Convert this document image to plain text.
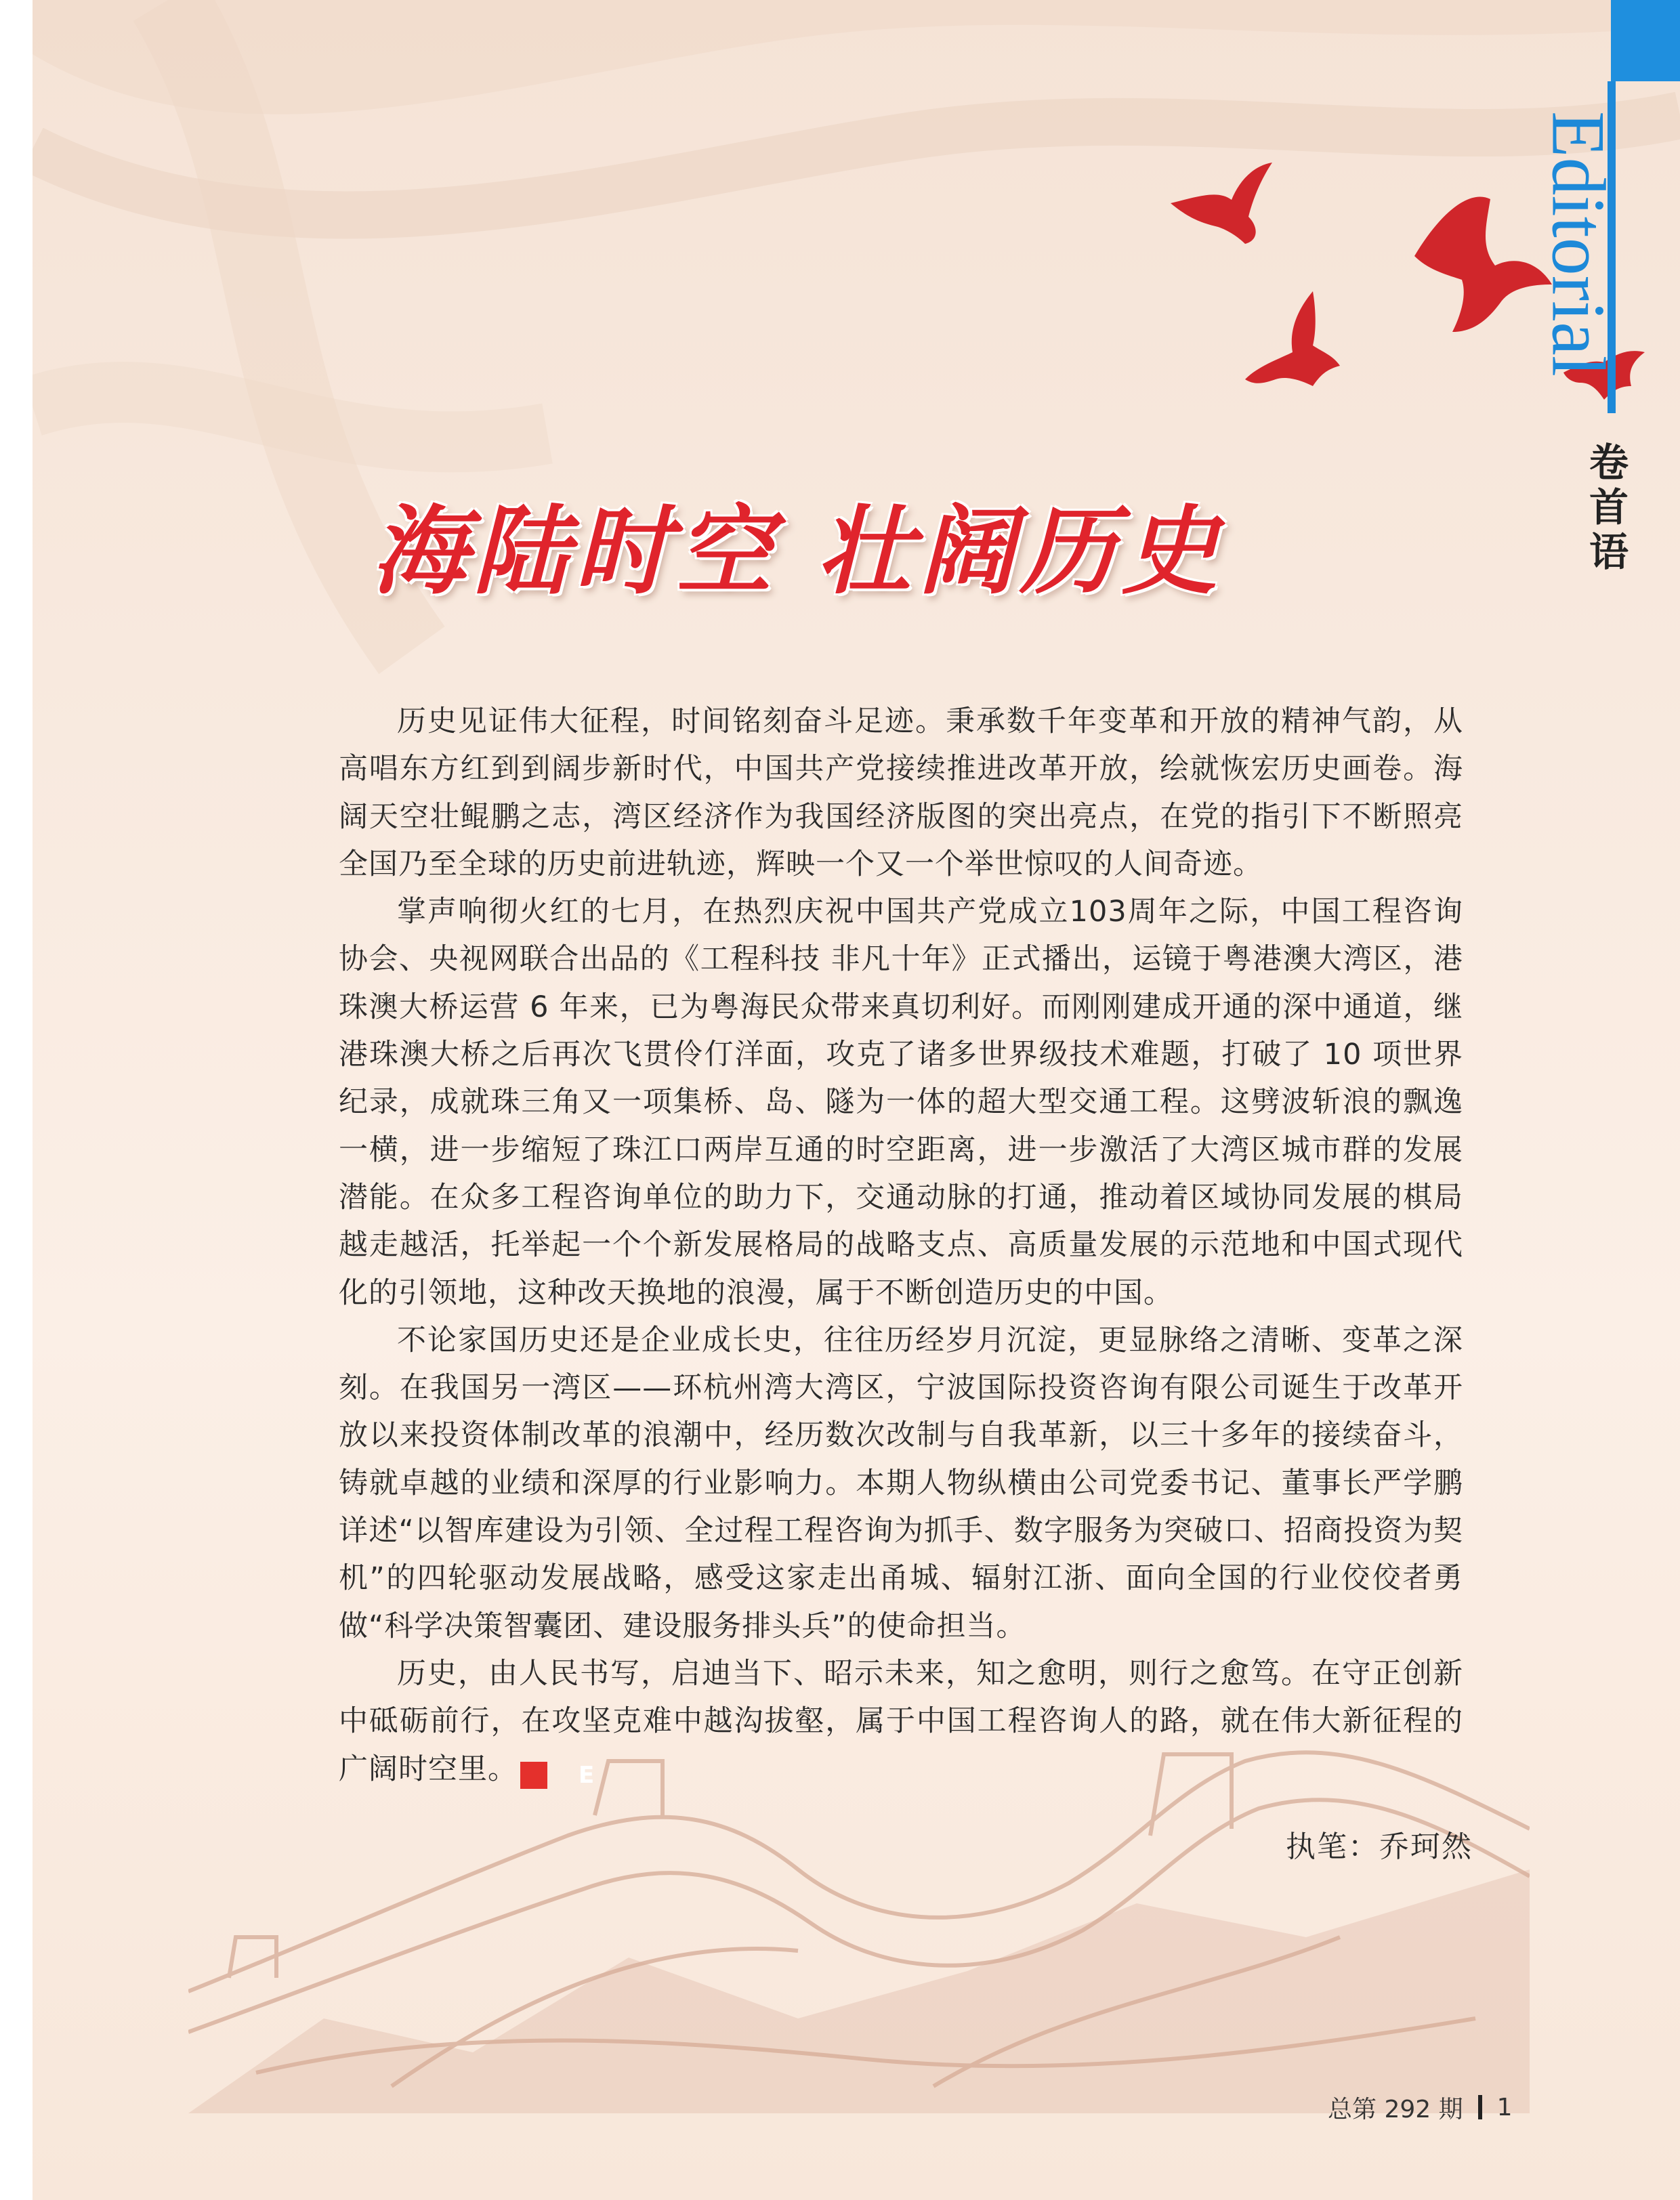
海陆时空 壮阔历史

历史见证伟大征程，时间铭刻奋斗足迹。秉承数千年变革和开放的精神气韵，从高唱东方红到到阔步新时代，中国共产党接续推进改革开放，绘就恢宏历史画卷。海阔天空壮鲲鹏之志，湾区经济作为我国经济版图的突出亮点，在党的指引下不断照亮全国乃至全球的历史前进轨迹，辉映一个又一个举世惊叹的人间奇迹。

掌声响彻火红的七月，在热烈庆祝中国共产党成立103周年之际，中国工程咨询协会、央视网联合出品的《工程科技 非凡十年》正式播出，运镜于粤港澳大湾区，港珠澳大桥运营 6 年来，已为粤海民众带来真切利好。而刚刚建成开通的深中通道，继港珠澳大桥之后再次飞贯伶仃洋面，攻克了诸多世界级技术难题，打破了 10 项世界纪录，成就珠三角又一项集桥、岛、隧为一体的超大型交通工程。这劈波斩浪的飘逸一横，进一步缩短了珠江口两岸互通的时空距离，进一步激活了大湾区城市群的发展潜能。在众多工程咨询单位的助力下，交通动脉的打通，推动着区域协同发展的棋局越走越活，托举起一个个新发展格局的战略支点、高质量发展的示范地和中国式现代化的引领地，这种改天换地的浪漫，属于不断创造历史的中国。

不论家国历史还是企业成长史，往往历经岁月沉淀，更显脉络之清晰、变革之深刻。在我国另一湾区——环杭州湾大湾区，宁波国际投资咨询有限公司诞生于改革开放以来投资体制改革的浪潮中，经历数次改制与自我革新，以三十多年的接续奋斗，铸就卓越的业绩和深厚的行业影响力。本期人物纵横由公司党委书记、董事长严学鹏详述“以智库建设为引领、全过程工程咨询为抓手、数字服务为突破口、招商投资为契机”的四轮驱动发展战略，感受这家走出甬城、辐射江浙、面向全国的行业佼佼者勇做“科学决策智囊团、建设服务排头兵”的使命担当。

历史，由人民书写，启迪当下、昭示未来，知之愈明，则行之愈笃。在守正创新中砥砺前行，在攻坚克难中越沟拔壑，属于中国工程咨询人的路，就在伟大新征程的广阔时空里。	E

执笔：乔珂然
Editorial
卷首语
总第 292 期 1
